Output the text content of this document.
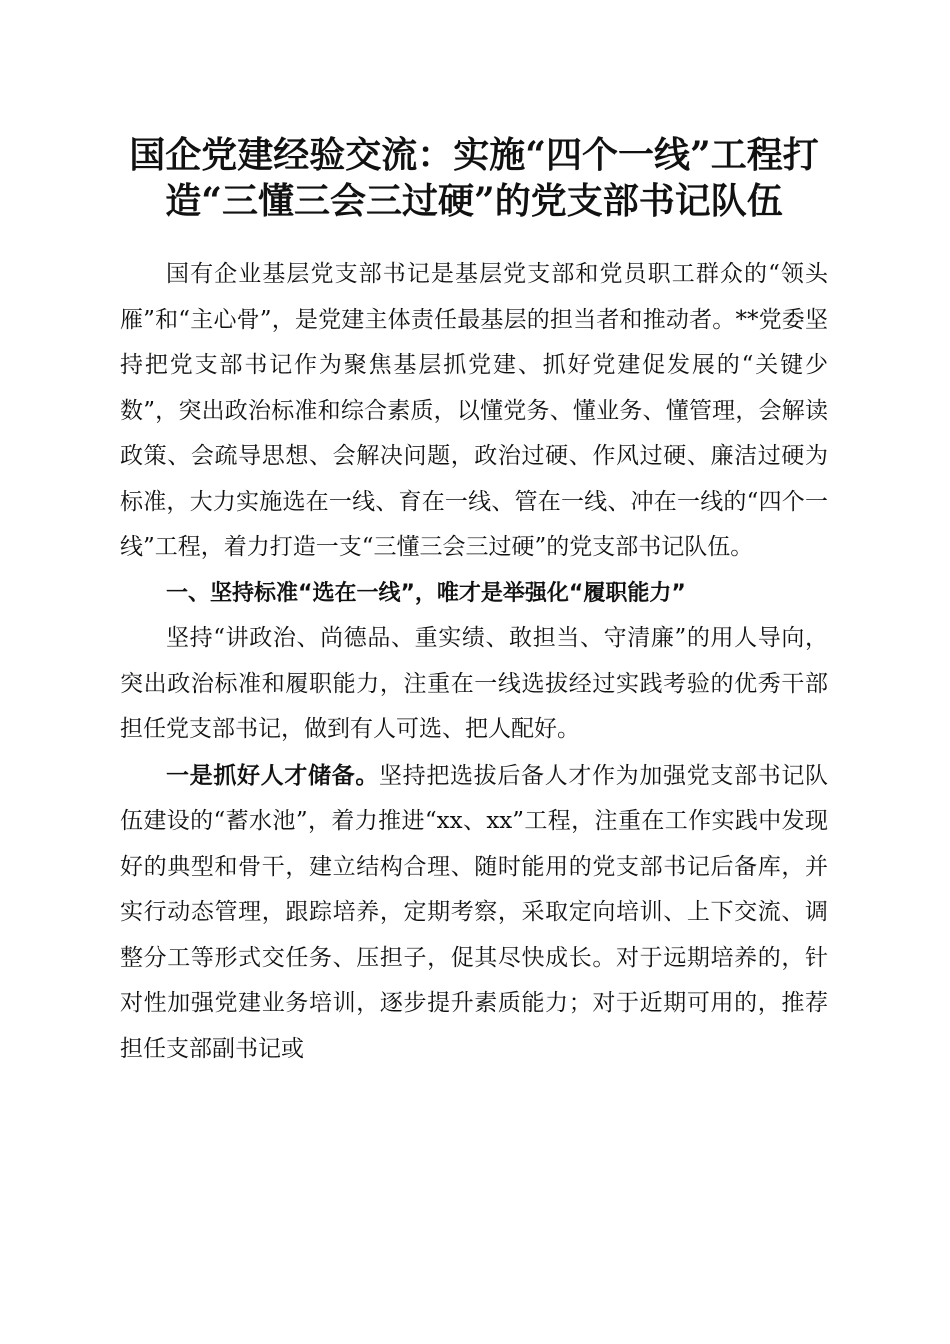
国企党建经验交流：实施“四个一线”工程打造“三懂三会三过硬”的党支部书记队伍

国有企业基层党支部书记是基层党支部和党员职工群众的“领头雁”和“主心骨”，是党建主体责任最基层的担当者和推动者。**党委坚持把党支部书记作为聚焦基层抓党建、抓好党建促发展的“关键少数”，突出政治标准和综合素质，以懂党务、懂业务、懂管理，会解读政策、会疏导思想、会解决问题，政治过硬、作风过硬、廉洁过硬为标准，大力实施选在一线、育在一线、管在一线、冲在一线的“四个一线”工程，着力打造一支“三懂三会三过硬”的党支部书记队伍。

一、坚持标准“选在一线”，唯才是举强化“履职能力”

坚持“讲政治、尚德品、重实绩、敢担当、守清廉”的用人导向，突出政治标准和履职能力，注重在一线选拔经过实践考验的优秀干部担任党支部书记，做到有人可选、把人配好。

一是抓好人才储备。坚持把选拔后备人才作为加强党支部书记队伍建设的“蓄水池”，着力推进“xx、xx”工程，注重在工作实践中发现好的典型和骨干，建立结构合理、随时能用的党支部书记后备库，并实行动态管理，跟踪培养，定期考察，采取定向培训、上下交流、调整分工等形式交任务、压担子，促其尽快成长。对于远期培养的，针对性加强党建业务培训，逐步提升素质能力；对于近期可用的，推荐担任支部副书记或
